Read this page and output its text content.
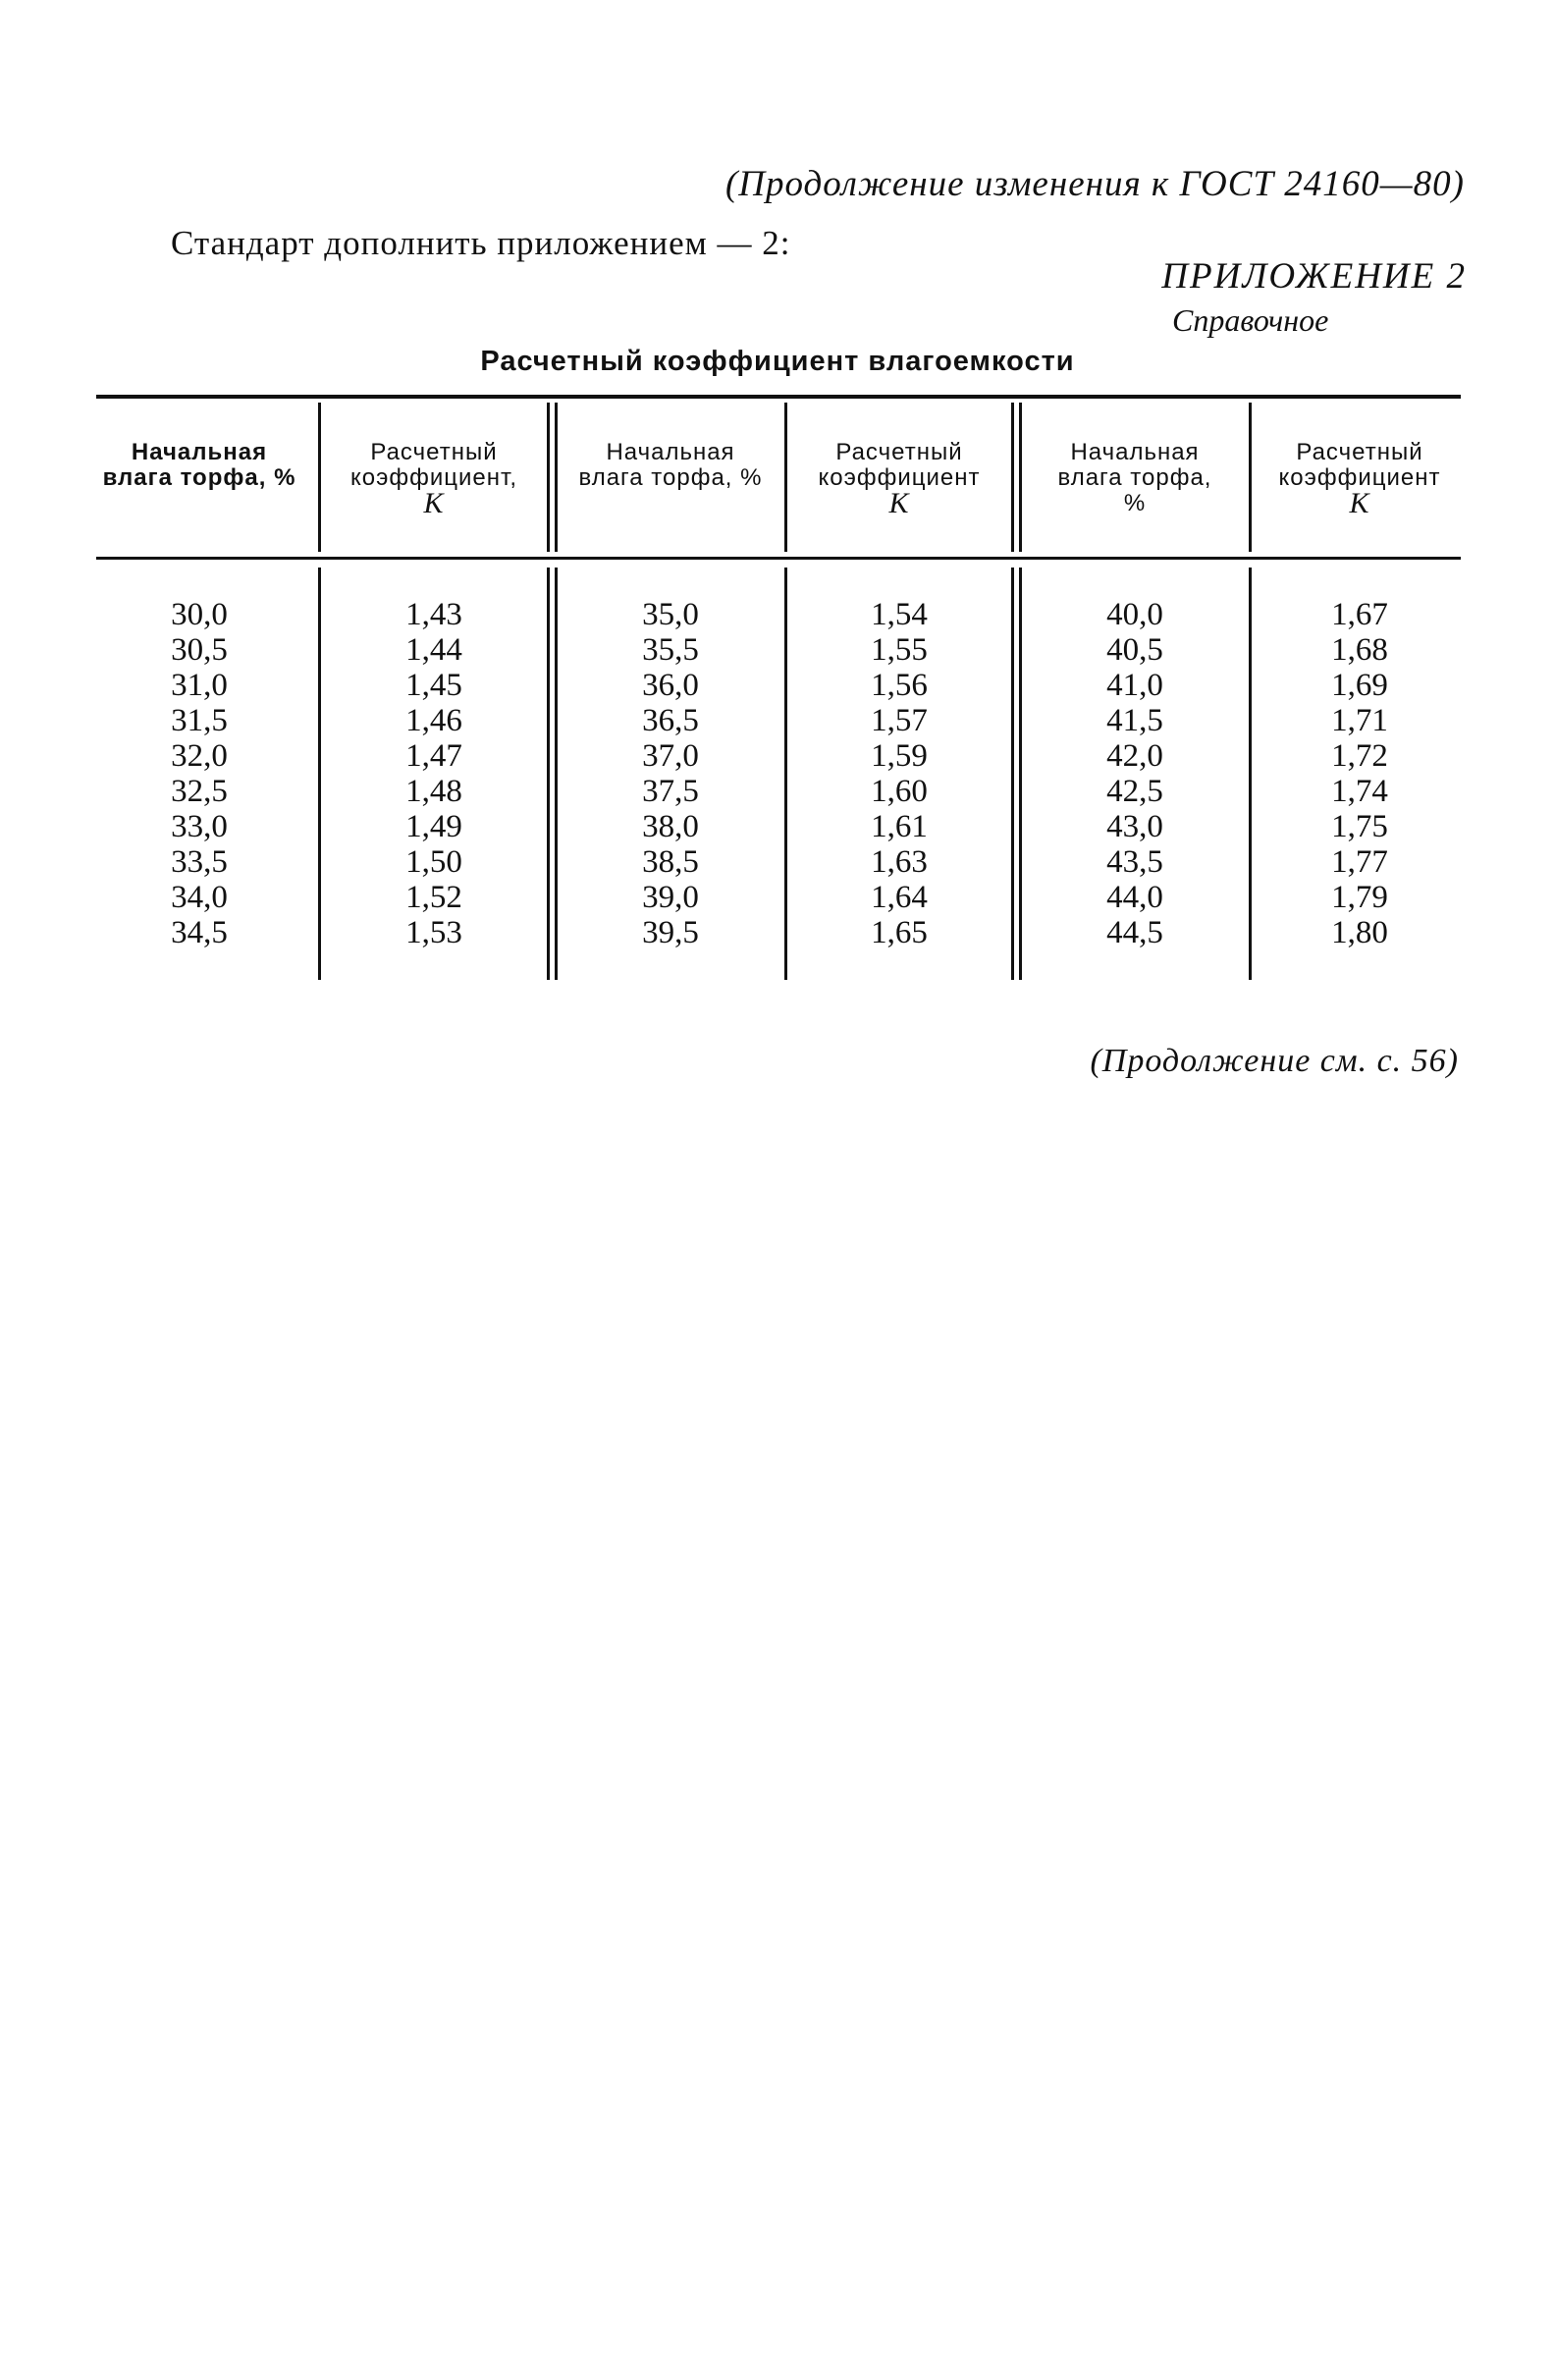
(Продолжение изменения к ГОСТ 24160—80)
Стандарт дополнить приложением — 2:
ПРИЛОЖЕНИЕ 2
Справочное
Расчетный коэффициент влагоемкости
Начальная
влага торфа, %
Расчетный
коэффициент,
К
Начальная
влага торфа, %
Расчетный
коэффициент
К
Начальная
влага торфа,
%
Расчетный
коэффициент
К
30,0
30,5
31,0
31,5
32,0
32,5
33,0
33,5
34,0
34,5
1,43
1,44
1,45
1,46
1,47
1,48
1,49
1,50
1,52
1,53
35,0
35,5
36,0
36,5
37,0
37,5
38,0
38,5
39,0
39,5
1,54
1,55
1,56
1,57
1,59
1,60
1,61
1,63
1,64
1,65
40,0
40,5
41,0
41,5
42,0
42,5
43,0
43,5
44,0
44,5
1,67
1,68
1,69
1,71
1,72
1,74
1,75
1,77
1,79
1,80
(Продолжение см. с. 56)
